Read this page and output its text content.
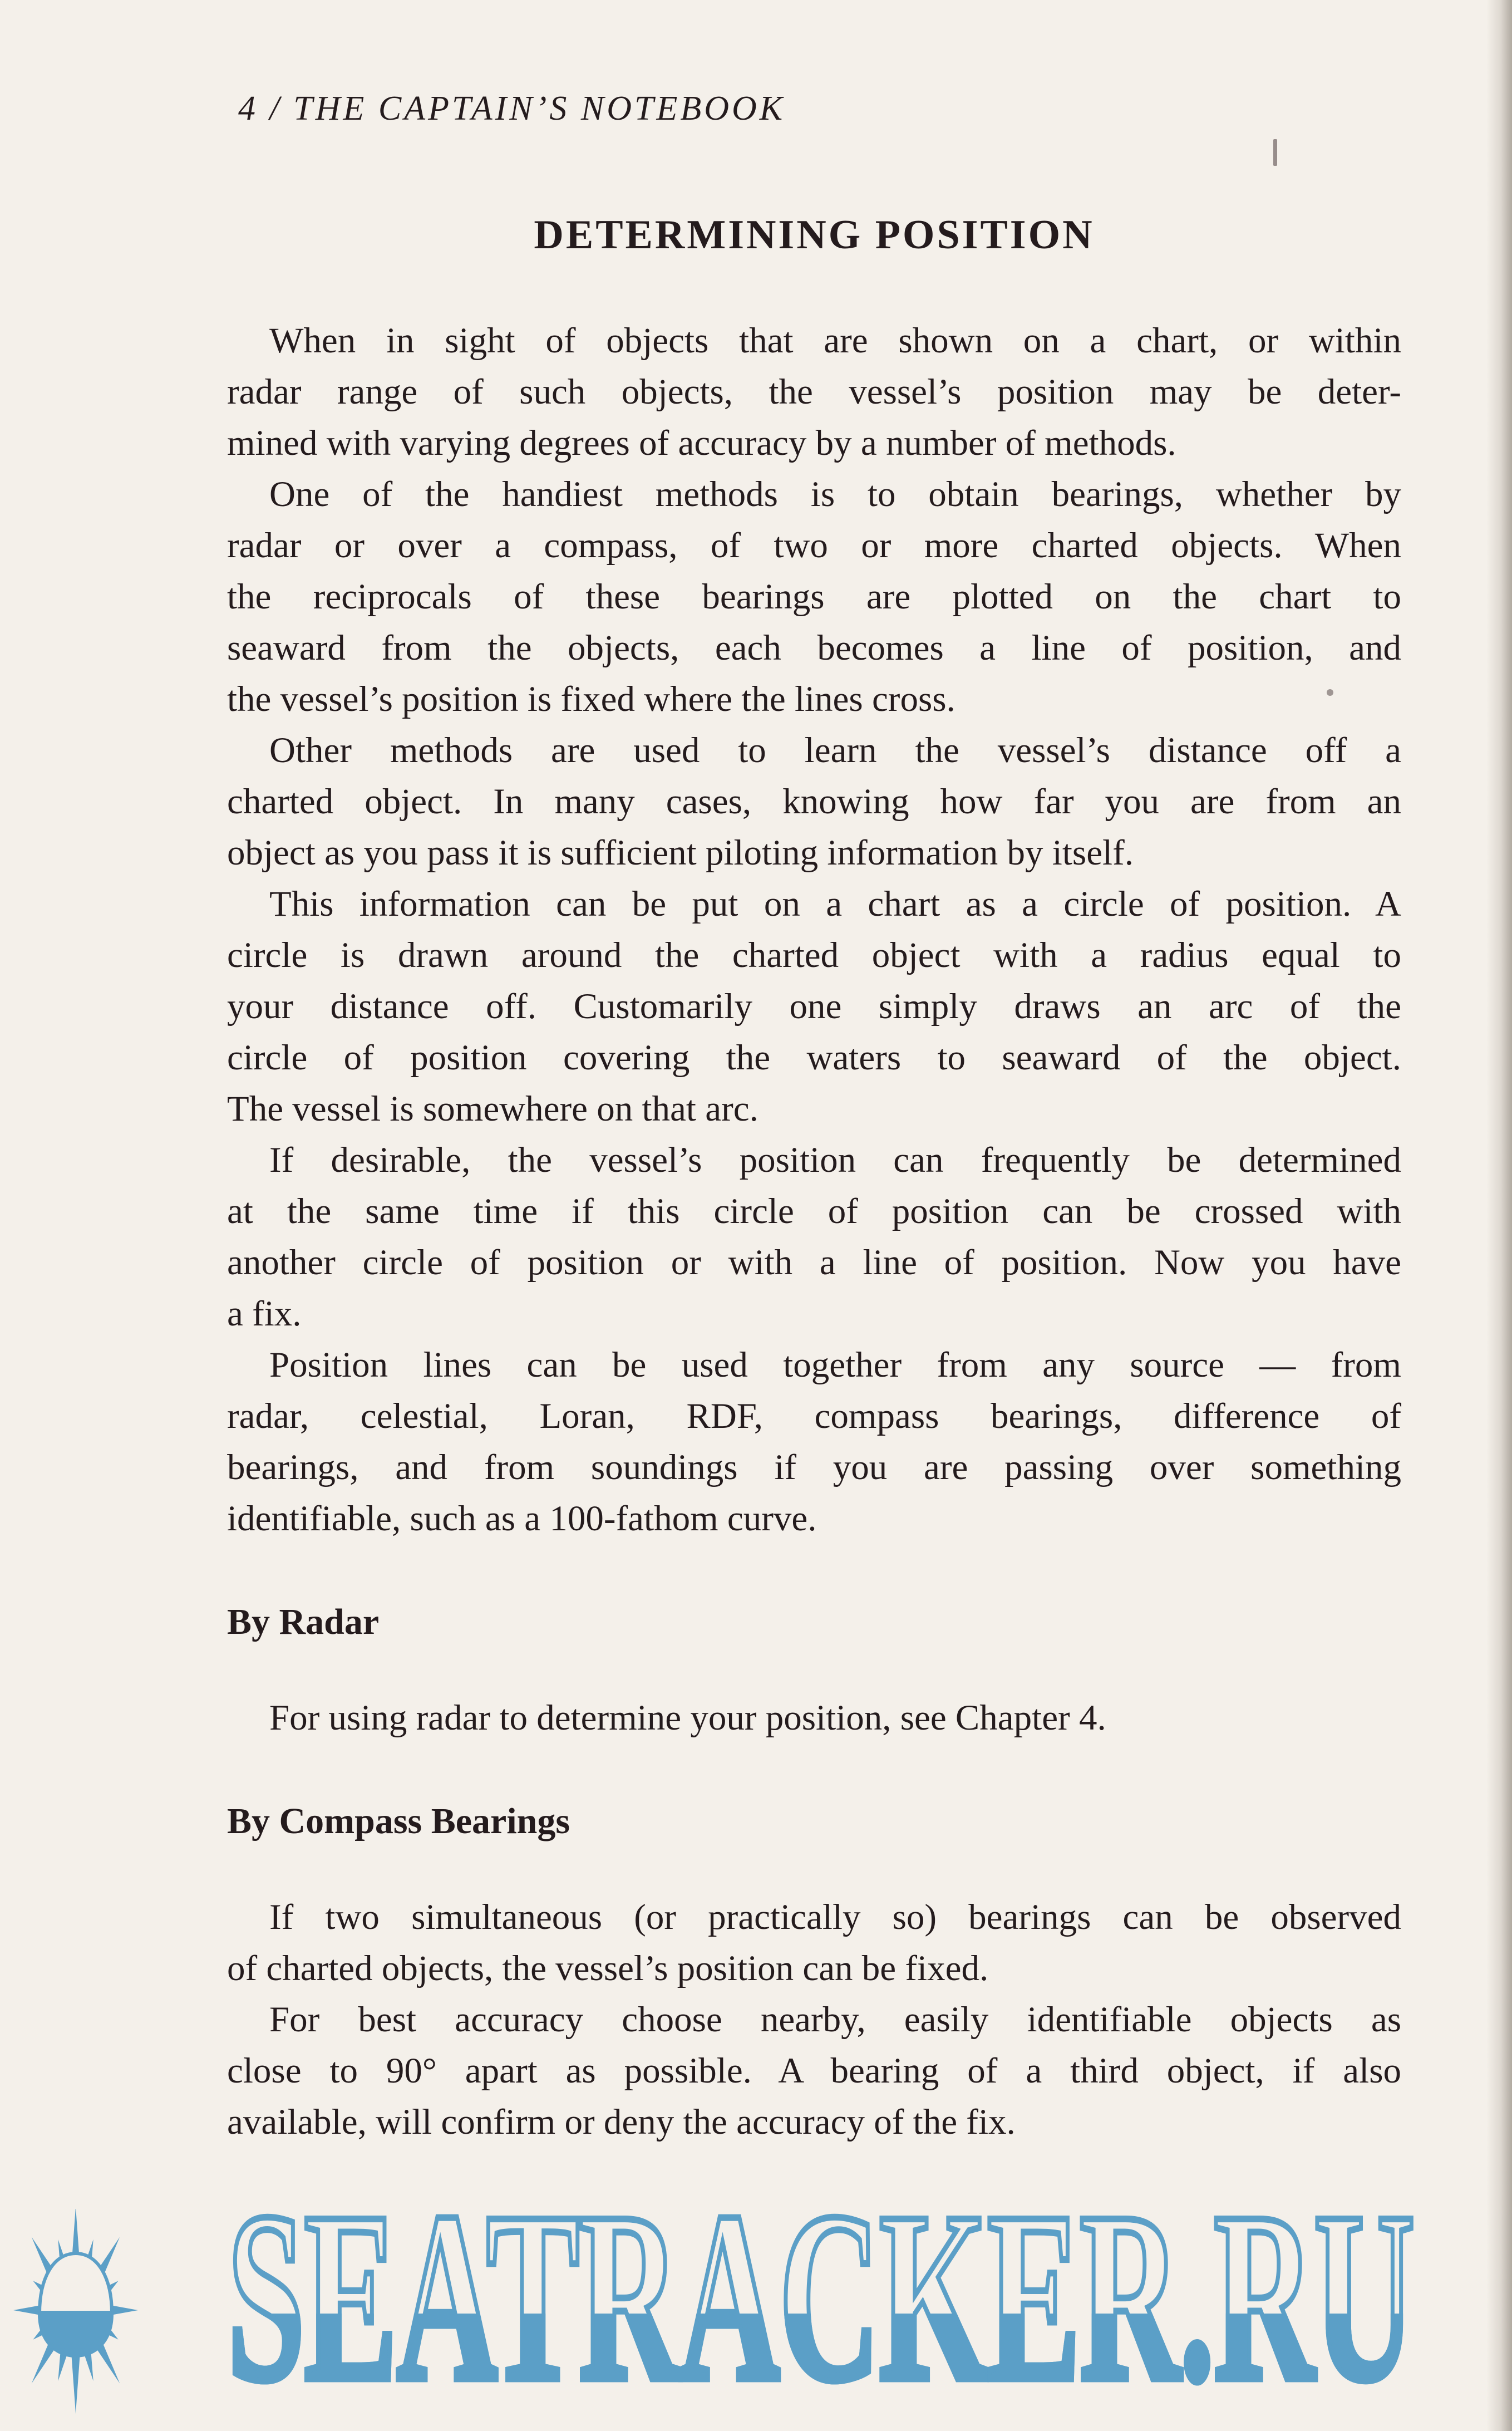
4 / THE CAPTAIN’S NOTEBOOK
DETERMINING POSITION
When in sight of objects that are shown on a chart, or within
radar range of such objects, the vessel’s position may be deter-
mined with varying degrees of accuracy by a number of methods.
One of the handiest methods is to obtain bearings, whether by
radar or over a compass, of two or more charted objects. When
the reciprocals of these bearings are plotted on the chart to
seaward from the objects, each becomes a line of position, and
the vessel’s position is fixed where the lines cross.
Other methods are used to learn the vessel’s distance off a
charted object. In many cases, knowing how far you are from an
object as you pass it is sufficient piloting information by itself.
This information can be put on a chart as a circle of position. A
circle is drawn around the charted object with a radius equal to
your distance off. Customarily one simply draws an arc of the
circle of position covering the waters to seaward of the object.
The vessel is somewhere on that arc.
If desirable, the vessel’s position can frequently be determined
at the same time if this circle of position can be crossed with
another circle of position or with a line of position. Now you have
a fix.
Position lines can be used together from any source — from
radar, celestial, Loran, RDF, compass bearings, difference of
bearings, and from soundings if you are passing over something
identifiable, such as a 100-fathom curve.
By Radar
For using radar to determine your position, see Chapter 4.
By Compass Bearings
If two simultaneous (or practically so) bearings can be observed
of charted objects, the vessel’s position can be fixed.
For best accuracy choose nearby, easily identifiable objects as
close to 90° apart as possible. A bearing of a third object, if also
available, will confirm or deny the accuracy of the fix.
SEATRACKER.RU
